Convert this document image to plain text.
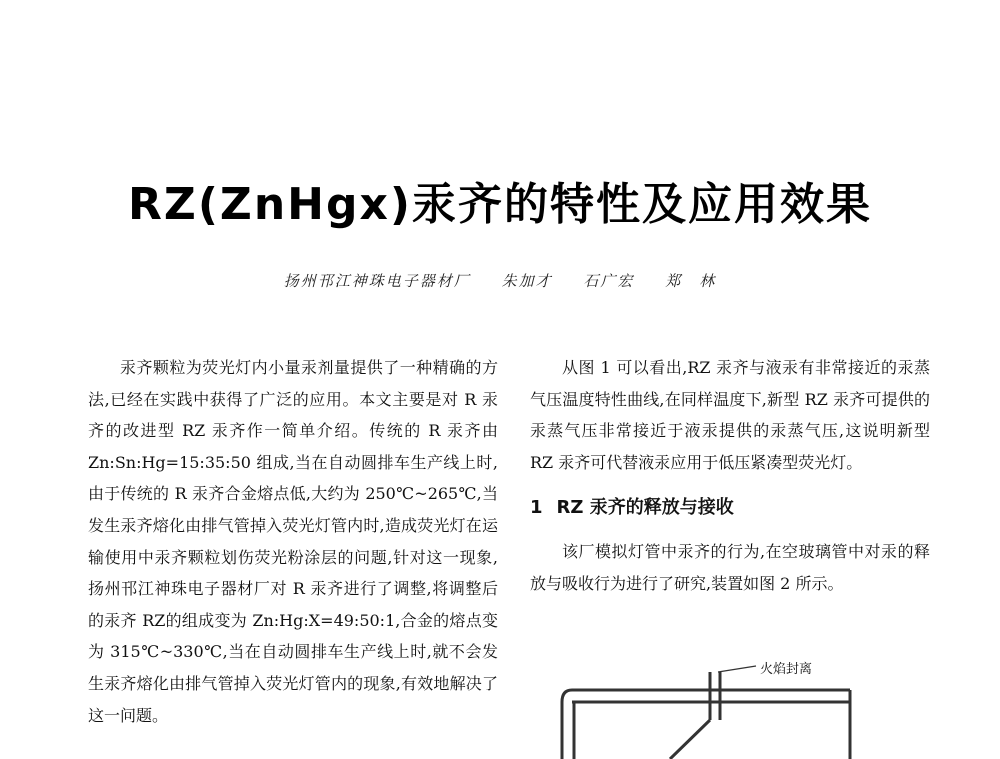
RZ(ZnHgx)汞齐的特性及应用效果
扬州邗江神珠电子器材厂 朱加才 石广宏 郑　林

汞齐颗粒为荧光灯内小量汞剂量提供了一种精确的方法,已经在实践中获得了广泛的应用。本文主要是对 R 汞齐的改进型 RZ 汞齐作一简单介绍。传统的 R 汞齐由 Zn:Sn:Hg=15:35:50 组成,当在自动圆排车生产线上时,由于传统的 R 汞齐合金熔点低,大约为 250℃~265℃,当发生汞齐熔化由排气管掉入荧光灯管内时,造成荧光灯在运输使用中汞齐颗粒划伤荧光粉涂层的问题,针对这一现象,扬州邗江神珠电子器材厂对 R 汞齐进行了调整,将调整后的汞齐 RZ的组成变为 Zn:Hg:X=49:50:1,合金的熔点变为 315℃~330℃,当在自动圆排车生产线上时,就不会发生汞齐熔化由排气管掉入荧光灯管内的现象,有效地解决了这一问题。

从图 1 可以看出,RZ 汞齐与液汞有非常接近的汞蒸气压温度特性曲线,在同样温度下,新型 RZ 汞齐可提供的汞蒸气压非常接近于液汞提供的汞蒸气压,这说明新型 RZ 汞齐可代替液汞应用于低压紧凑型荧光灯。

1 RZ 汞齐的释放与接收

该厂模拟灯管中汞齐的行为,在空玻璃管中对汞的释放与吸收行为进行了研究,装置如图 2 所示。

火焰封离
